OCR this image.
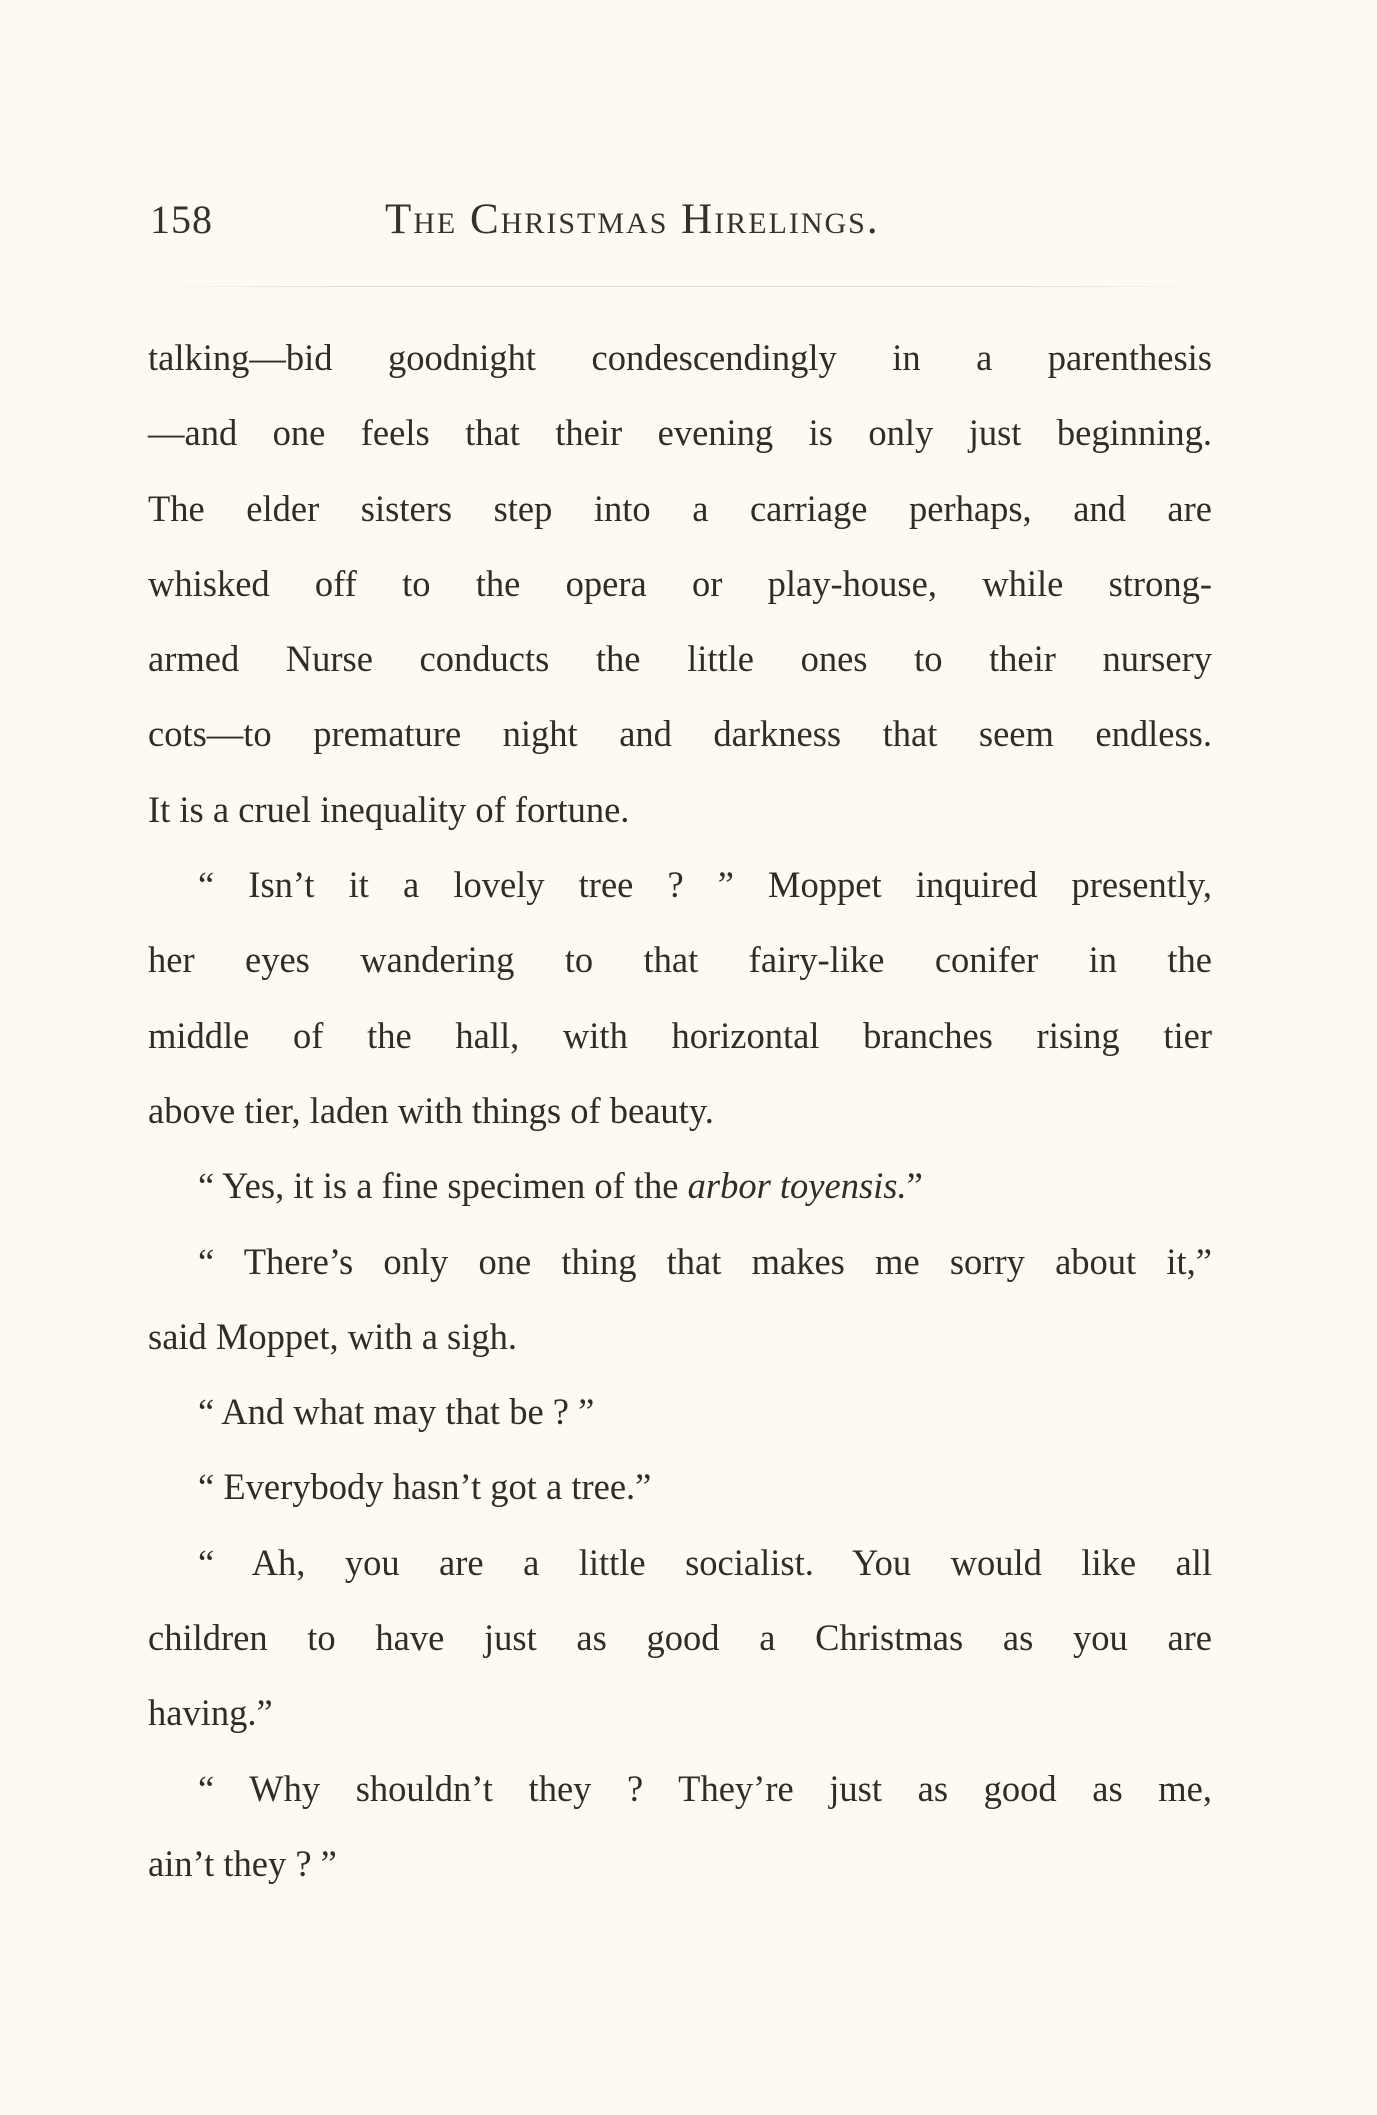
158	The Christmas Hirelings.
talking—bid goodnight condescendingly in a parenthesis
—and one feels that their evening is only just beginning.
The elder sisters step into a carriage perhaps, and are
whisked off to the opera or play-house, while strong-
armed Nurse conducts the little ones to their nursery
cots—to premature night and darkness that seem endless.
It is a cruel inequality of fortune.
“ Isn’t it a lovely tree ? ” Moppet inquired presently,
her eyes wandering to that fairy-like conifer in the
middle of the hall, with horizontal branches rising tier
above tier, laden with things of beauty.
“ Yes, it is a fine specimen of the arbor toyensis.”
“ There’s only one thing that makes me sorry about it,”
said Moppet, with a sigh.
“ And what may that be ? ”
“ Everybody hasn’t got a tree.”
“ Ah, you are a little socialist. You would like all
children to have just as good a Christmas as you are
having.”
“ Why shouldn’t they ? They’re just as good as me,
ain’t they ? ”
